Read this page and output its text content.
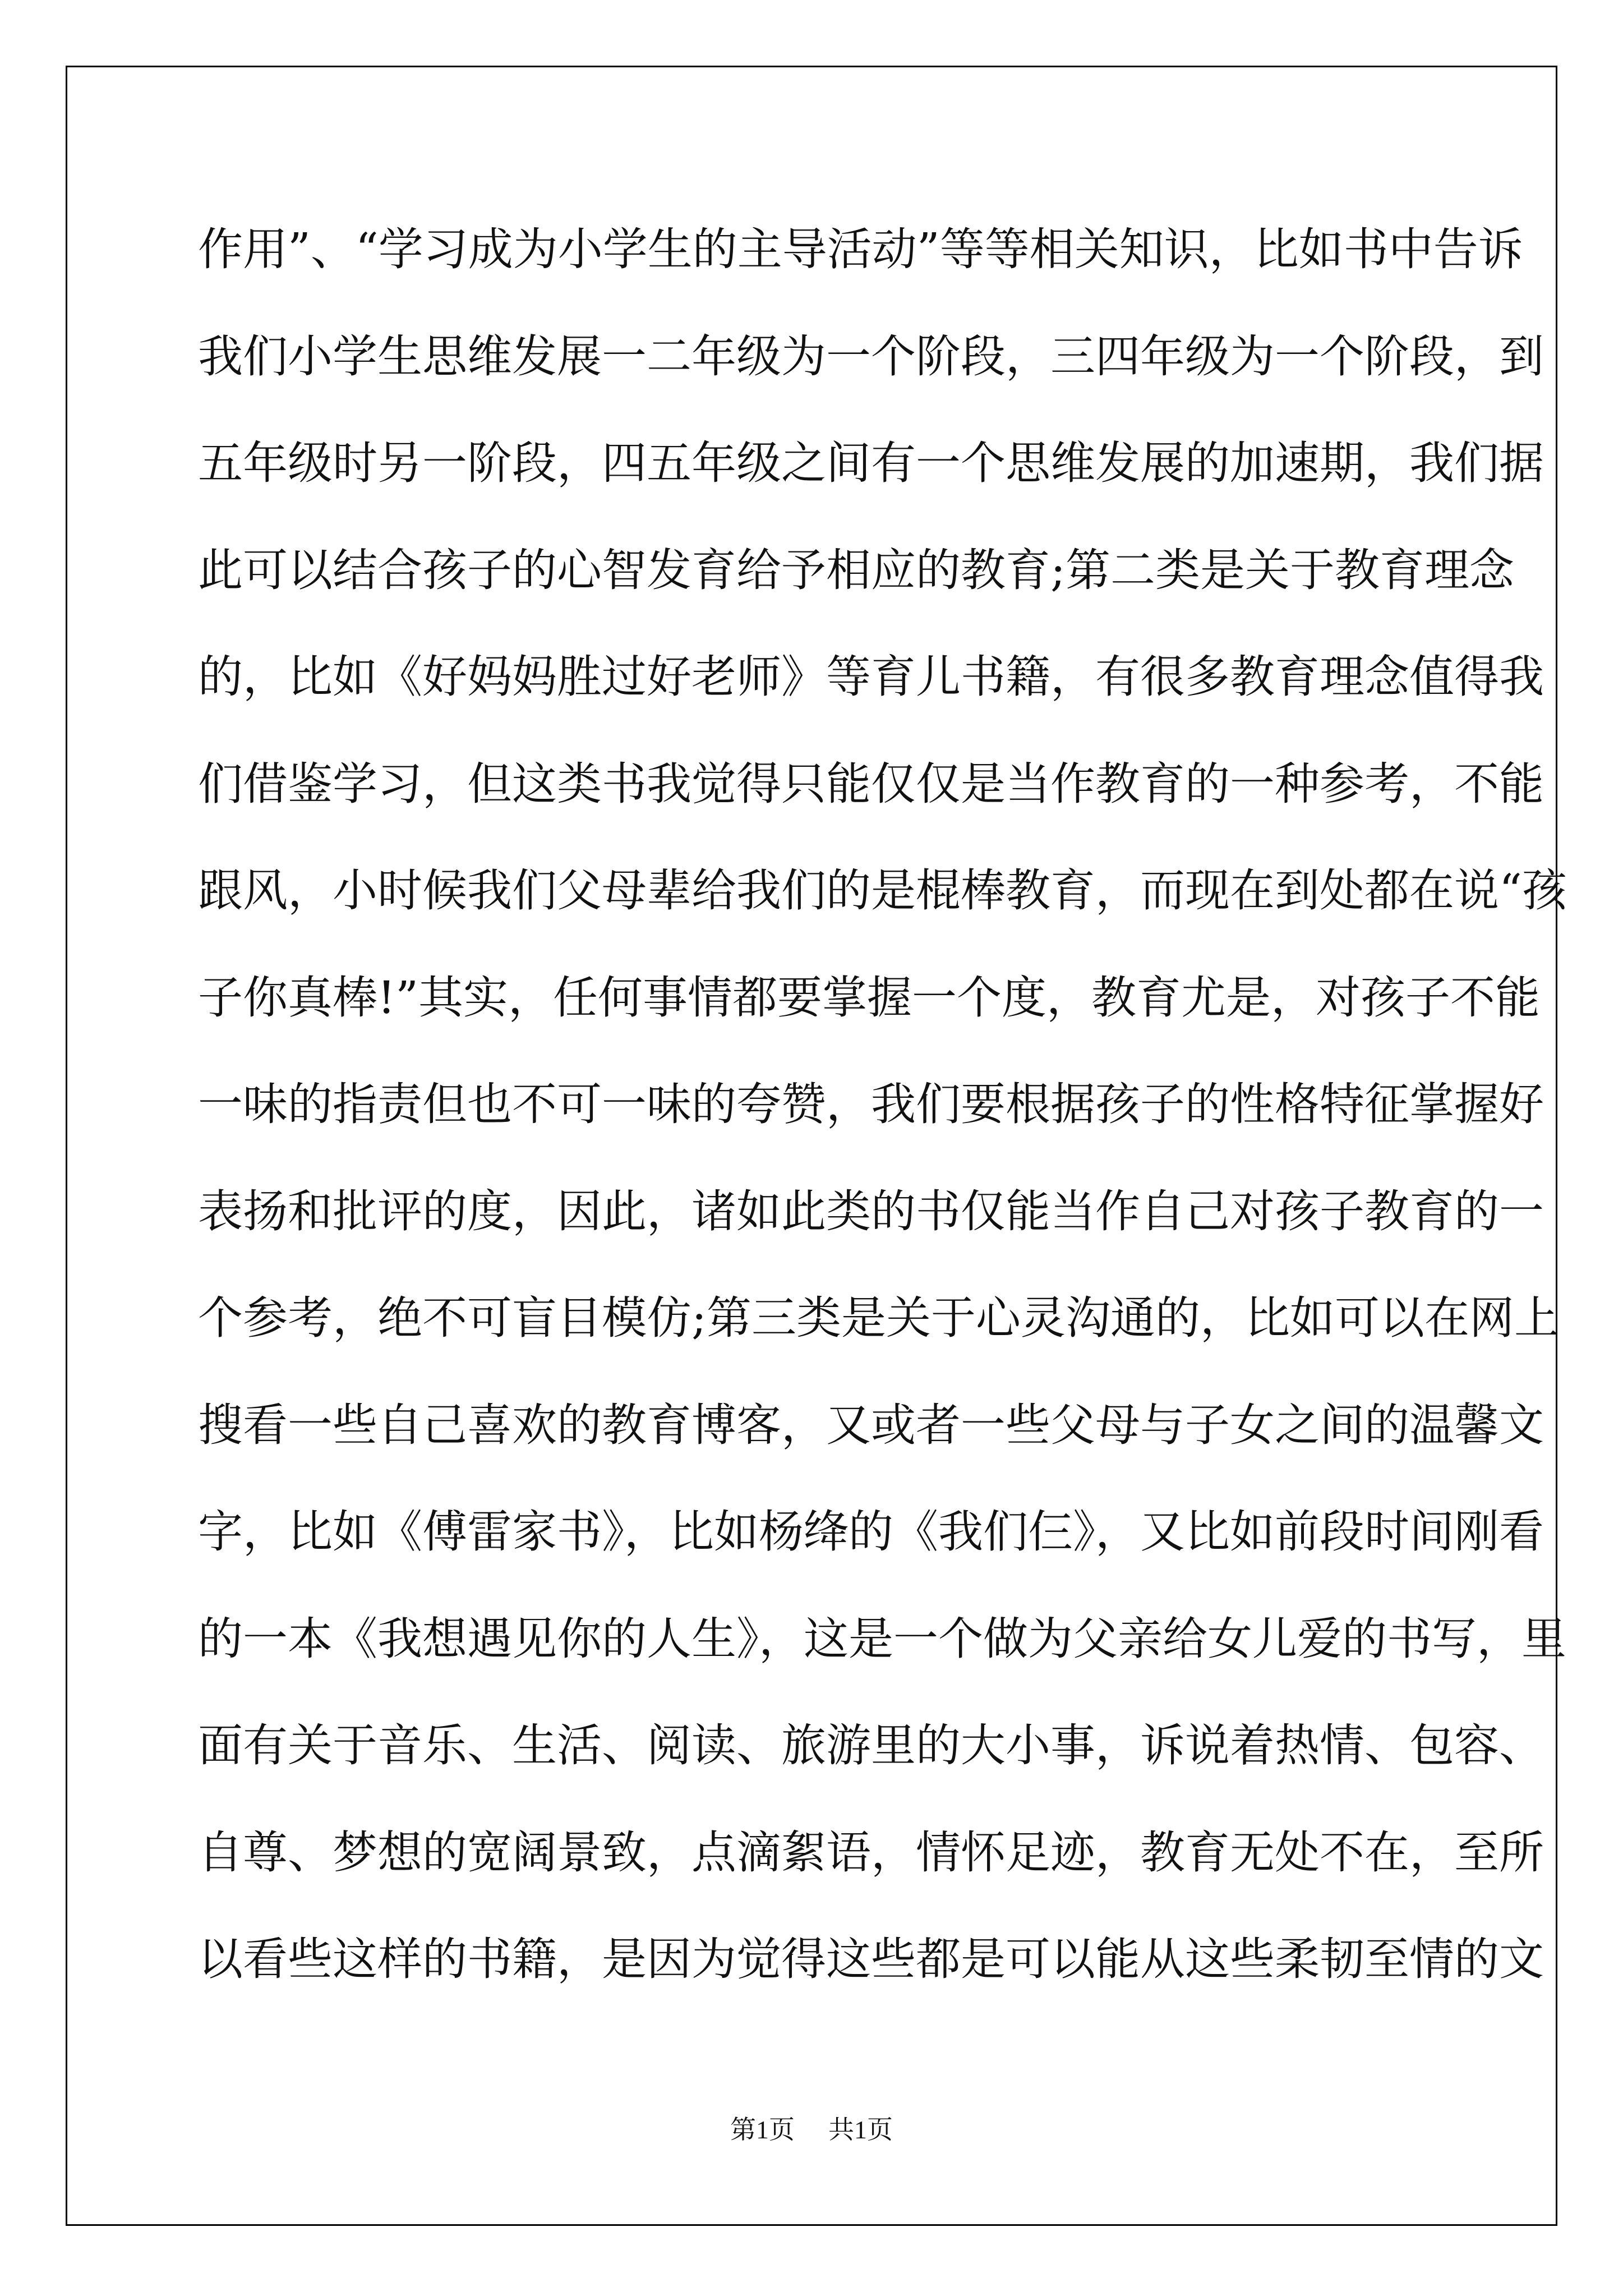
作用”、“学习成为小学生的主导活动”等等相关知识，比如书中告诉
我们小学生思维发展一二年级为一个阶段，三四年级为一个阶段，到
五年级时另一阶段，四五年级之间有一个思维发展的加速期，我们据
此可以结合孩子的心智发育给予相应的教育;第二类是关于教育理念
的，比如《好妈妈胜过好老师》等育儿书籍，有很多教育理念值得我
们借鉴学习，但这类书我觉得只能仅仅是当作教育的一种参考，不能
跟风，小时候我们父母辈给我们的是棍棒教育，而现在到处都在说“孩
子你真棒!”其实，任何事情都要掌握一个度，教育尤是，对孩子不能
一味的指责但也不可一味的夸赞，我们要根据孩子的性格特征掌握好
表扬和批评的度，因此，诸如此类的书仅能当作自己对孩子教育的一
个参考，绝不可盲目模仿;第三类是关于心灵沟通的，比如可以在网上
搜看一些自己喜欢的教育博客，又或者一些父母与子女之间的温馨文
字，比如《傅雷家书》，比如杨绛的《我们仨》，又比如前段时间刚看
的一本《我想遇见你的人生》，这是一个做为父亲给女儿爱的书写，里
面有关于音乐、生活、阅读、旅游里的大小事，诉说着热情、包容、
自尊、梦想的宽阔景致，点滴絮语，情怀足迹，教育无处不在，至所
以看些这样的书籍，是因为觉得这些都是可以能从这些柔韧至情的文
第1页 共1页
